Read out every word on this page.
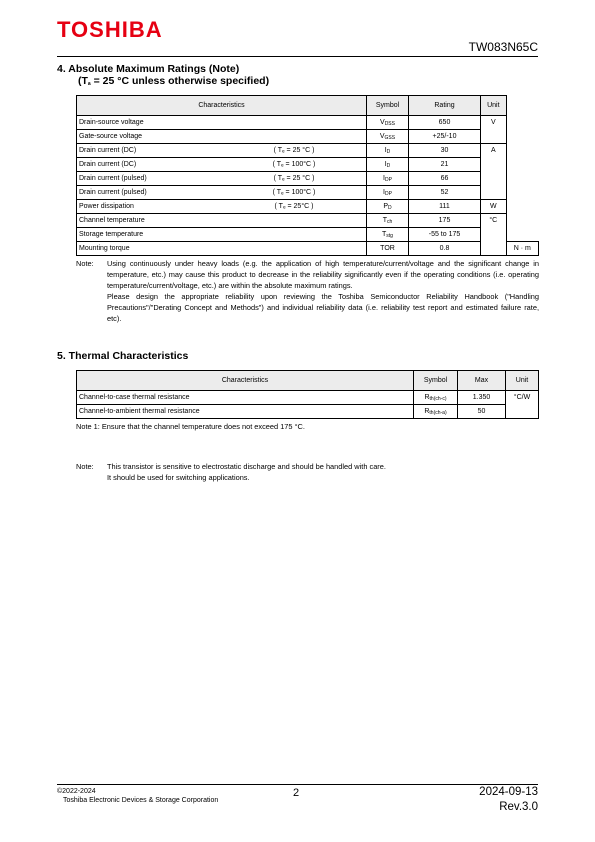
TOSHIBA
TW083N65C
4. Absolute Maximum Ratings (Note)
($T_a = 25$ °C unless otherwise specified)
Characteristics	Symbol	Rating	Unit	

Drain-source voltage	$V_{DSS}$	650	V	

Gate-source voltage	$V_{GSS}$	+25/-10		

Drain current (DC) ( Tₑ = 25 °C )	$I_D$	30	A	

Drain current (DC) ( Tₑ = 100°C )	$I_D$	21		

Drain current (pulsed) ( Tₑ = 25 °C )	$I_{DP}$	66		

Drain current (pulsed) ( Tₑ = 100°C )	$I_{DP}$	52		

Power dissipation ( Tₑ = 25°C )	$P_D$	111	W	

Channel temperature	$T_{ch}$	175	°C	

Storage temperature	$T_{stg}$	-55 to 175		

Mounting torque	TOR	0.8		N · m
Note: Using continuously under heavy loads (e.g. the application of high temperature/current/voltage and the significant change in temperature, etc.) may cause this product to decrease in the reliability significantly even if the operating conditions (i.e. operating temperature/current/voltage, etc.) are within the absolute maximum ratings.

Please design the appropriate reliability upon reviewing the Toshiba Semiconductor Reliability Handbook ("Handling Precautions"/"Derating Concept and Methods") and individual reliability data (i.e. reliability test report and estimated failure rate, etc).

5. Thermal Characteristics
Characteristics	Symbol	Max	Unit
Channel-to-case thermal resistance	$R_{th(ch-c)}$	1.350	°C/W
Channel-to-ambient thermal resistance	$R_{th(ch-a)}$	50	
Note 1: Ensure that the channel temperature does not exceed 175 °C.
Note: This transistor is sensitive to electrostatic discharge and should be handled with care.

It should be used for switching applications.

©2022-2024
Toshiba Electronic Devices & Storage Corporation
2	2024-09-13
Rev.3.0
